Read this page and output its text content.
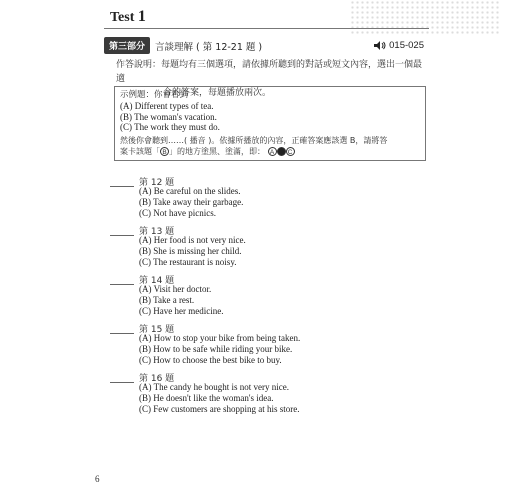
Test 1
第三部分	言談理解 ( 第 12-21 題 )	015-025
作答說明：每題均有三個選項，請依據所聽到的對話或短文內容，選出一個最適
合的答案，每題播放兩次。
示例題：你會看到
(A) Different types of tea.
(B) The woman's vacation.
(C) The work they must do.
然後你會聽到……( 播音 )。依據所播放的內容，正確答案應該選 B，請將答
案卡該題「 B 」的地方塗黑、塗滿，即： A C
第 12 題
(A) Be careful on the slides.
(B) Take away their garbage.
(C) Not have picnics.
第 13 題
(A) Her food is not very nice.
(B) She is missing her child.
(C) The restaurant is noisy.
第 14 題
(A) Visit her doctor.
(B) Take a rest.
(C) Have her medicine.
第 15 題
(A) How to stop your bike from being taken.
(B) How to be safe while riding your bike.
(C) How to choose the best bike to buy.
第 16 題
(A) The candy he bought is not very nice.
(B) He doesn't like the woman's idea.
(C) Few customers are shopping at his store.
6
